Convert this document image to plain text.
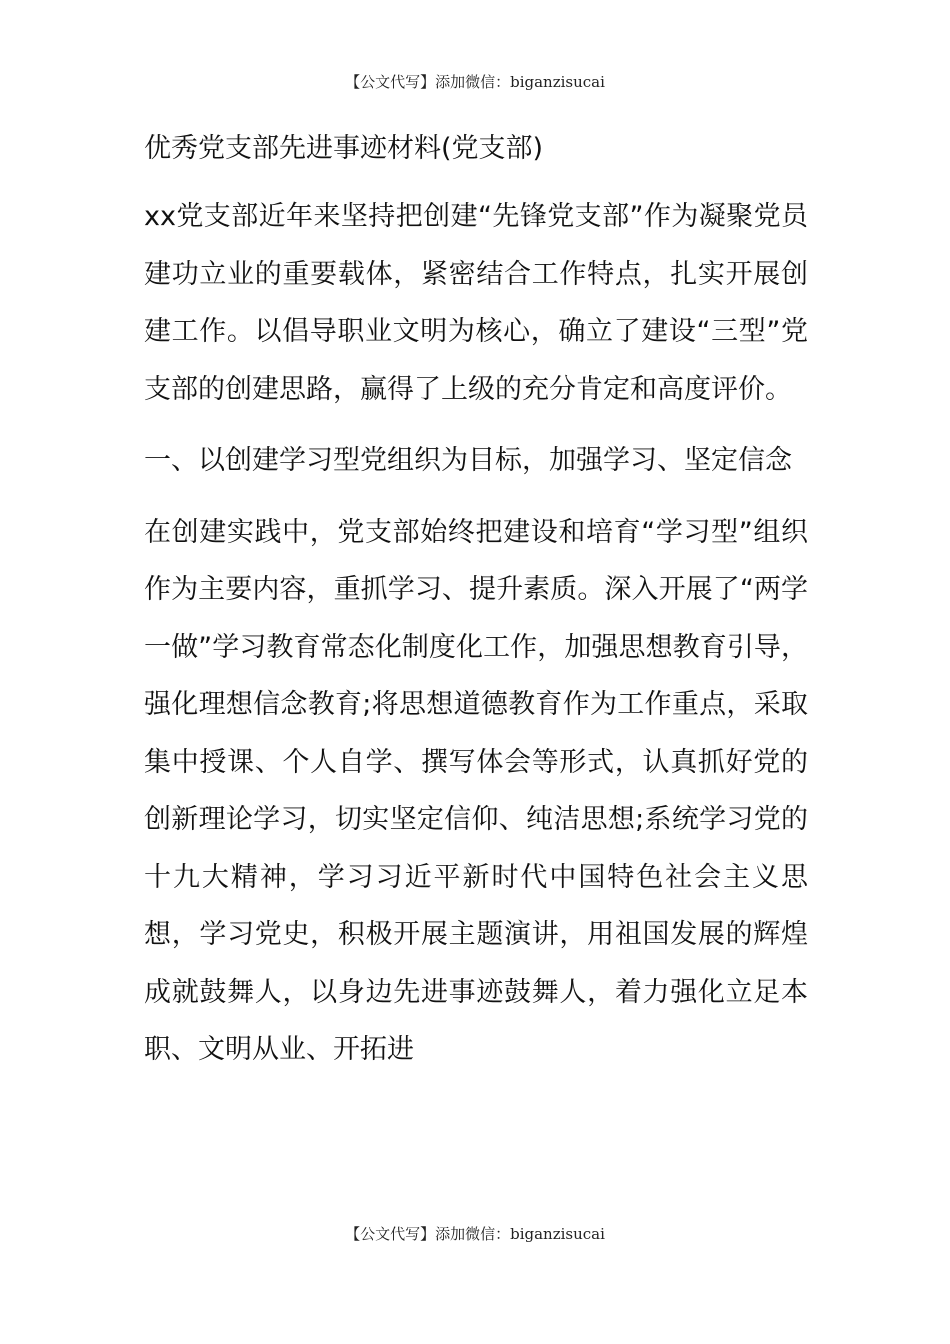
【公文代写】添加微信：biganzisucai
优秀党支部先进事迹材料(党支部)

xx党支部近年来坚持把创建“先锋党支部”作为凝聚党员建功立业的重要载体，紧密结合工作特点，扎实开展创建工作。以倡导职业文明为核心，确立了建设“三型”党支部的创建思路，赢得了上级的充分肯定和高度评价。

一、以创建学习型党组织为目标，加强学习、坚定信念

在创建实践中，党支部始终把建设和培育“学习型”组织作为主要内容，重抓学习、提升素质。深入开展了“两学一做”学习教育常态化制度化工作，加强思想教育引导，强化理想信念教育;将思想道德教育作为工作重点，采取集中授课、个人自学、撰写体会等形式，认真抓好党的创新理论学习，切实坚定信仰、纯洁思想;系统学习党的十九大精神，学习习近平新时代中国特色社会主义思想，学习党史，积极开展主题演讲，用祖国发展的辉煌成就鼓舞人，以身边先进事迹鼓舞人，着力强化立足本职、文明从业、开拓进

【公文代写】添加微信：biganzisucai
